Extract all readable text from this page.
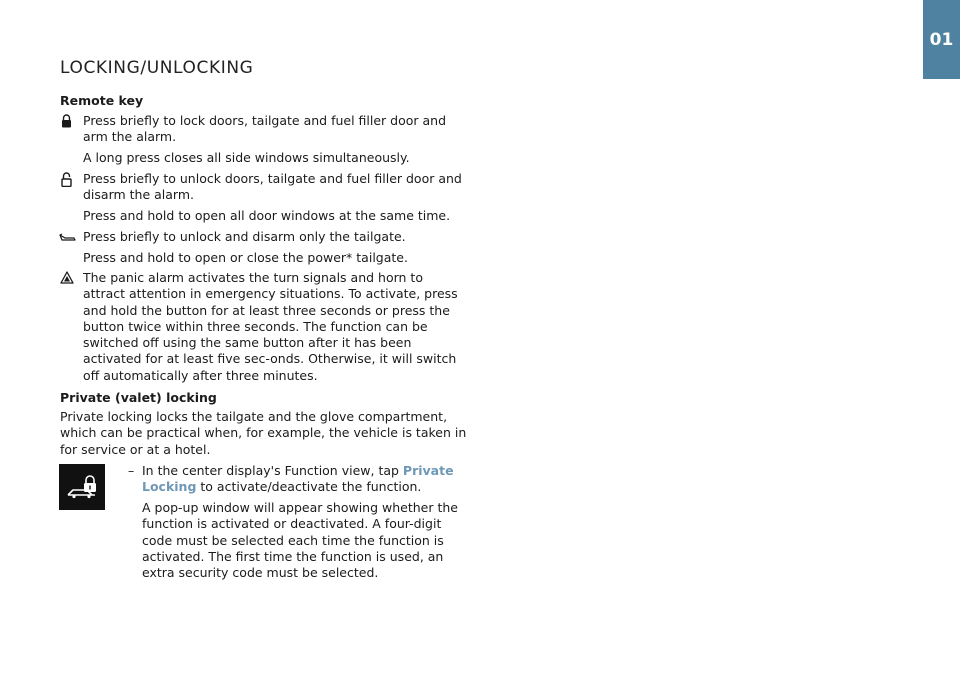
01
LOCKING/UNLOCKING
Remote key
Press briefly to lock doors, tailgate and fuel filler door and arm the alarm.
A long press closes all side windows simultaneously.
Press briefly to unlock doors, tailgate and fuel filler door and disarm the alarm.
Press and hold to open all door windows at the same time.
Press briefly to unlock and disarm only the tailgate.
Press and hold to open or close the power* tailgate.
The panic alarm activates the turn signals and horn to attract attention in emergency situations. To activate, press and hold the button for at least three seconds or press the button twice within three seconds. The function can be switched off using the same button after it has been activated for at least five sec-onds. Otherwise, it will switch off automatically after three minutes.
Private (valet) locking
Private locking locks the tailgate and the glove compartment, which can be practical when, for example, the vehicle is taken in for service or at a hotel.
– In the center display's Function view, tap Private Locking to activate/deactivate the function.
A pop-up window will appear showing whether the function is activated or deactivated. A four-digit code must be selected each time the function is activated. The first time the function is used, an extra security code must be selected.
